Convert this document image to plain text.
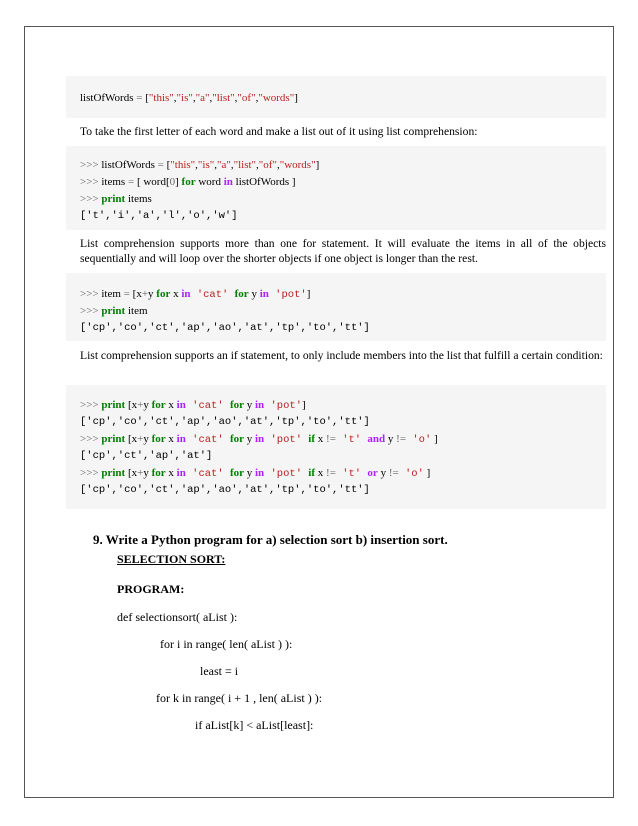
listOfWords = ["this","is","a","list","of","words"]
To take the first letter of each word and make a list out of it using list comprehension:
>>> listOfWords = ["this","is","a","list","of","words"]
>>> items = [ word[0] for word in listOfWords ]
>>> print items
['t','i','a','l','o','w']
List comprehension supports more than one for statement. It will evaluate the items in all of the objects sequentially and will loop over the shorter objects if one object is longer than the rest.
>>> item = [x+y for x in 'cat' for y in 'pot']
>>> print item
['cp','co','ct','ap','ao','at','tp','to','tt']
List comprehension supports an if statement, to only include members into the list that fulfill a certain condition:
>>> print [x+y for x in 'cat' for y in 'pot']
['cp','co','ct','ap','ao','at','tp','to','tt']
>>> print [x+y for x in 'cat' for y in 'pot' if x != 't' and y != 'o' ]
['cp','ct','ap','at']
>>> print [x+y for x in 'cat' for y in 'pot' if x != 't' or y != 'o' ]
['cp','co','ct','ap','ao','at','tp','to','tt']
9. Write a Python program for a) selection sort b) insertion sort.
SELECTION SORT:
PROGRAM:
def selectionsort( aList ):
for i in range( len( aList ) ):
least = i
for k in range( i + 1 , len( aList ) ):
if aList[k] < aList[least]:
